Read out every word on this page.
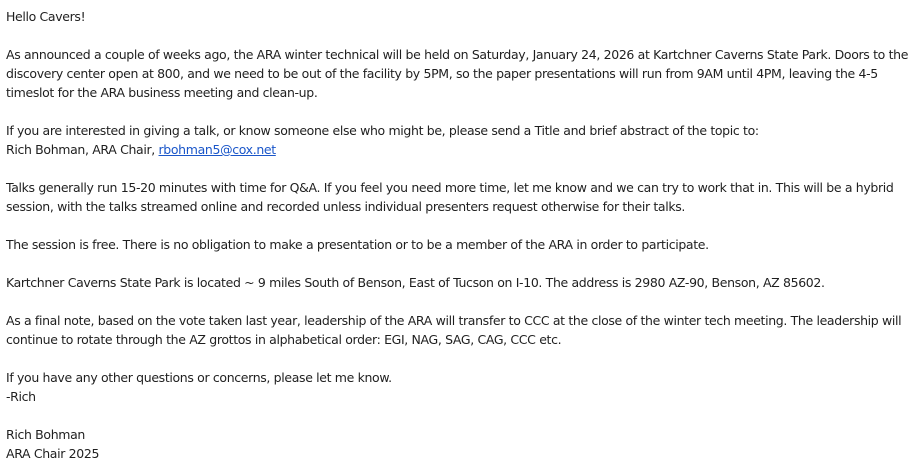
Hello Cavers!
As announced a couple of weeks ago, the ARA winter technical will be held on Saturday, January 24, 2026 at Kartchner Caverns State Park. Doors to the
discovery center open at 800, and we need to be out of the facility by 5PM, so the paper presentations will run from 9AM until 4PM, leaving the 4-5
timeslot for the ARA business meeting and clean-up.
If you are interested in giving a talk, or know someone else who might be, please send a Title and brief abstract of the topic to:
Rich Bohman, ARA Chair, rbohman5@cox.net
Talks generally run 15-20 minutes with time for Q&A. If you feel you need more time, let me know and we can try to work that in. This will be a hybrid
session, with the talks streamed online and recorded unless individual presenters request otherwise for their talks.
The session is free. There is no obligation to make a presentation or to be a member of the ARA in order to participate.
Kartchner Caverns State Park is located ~ 9 miles South of Benson, East of Tucson on I-10. The address is 2980 AZ-90, Benson, AZ 85602.
As a final note, based on the vote taken last year, leadership of the ARA will transfer to CCC at the close of the winter tech meeting. The leadership will
continue to rotate through the AZ grottos in alphabetical order: EGI, NAG, SAG, CAG, CCC etc.
If you have any other questions or concerns, please let me know.
-Rich
Rich Bohman
ARA Chair 2025
